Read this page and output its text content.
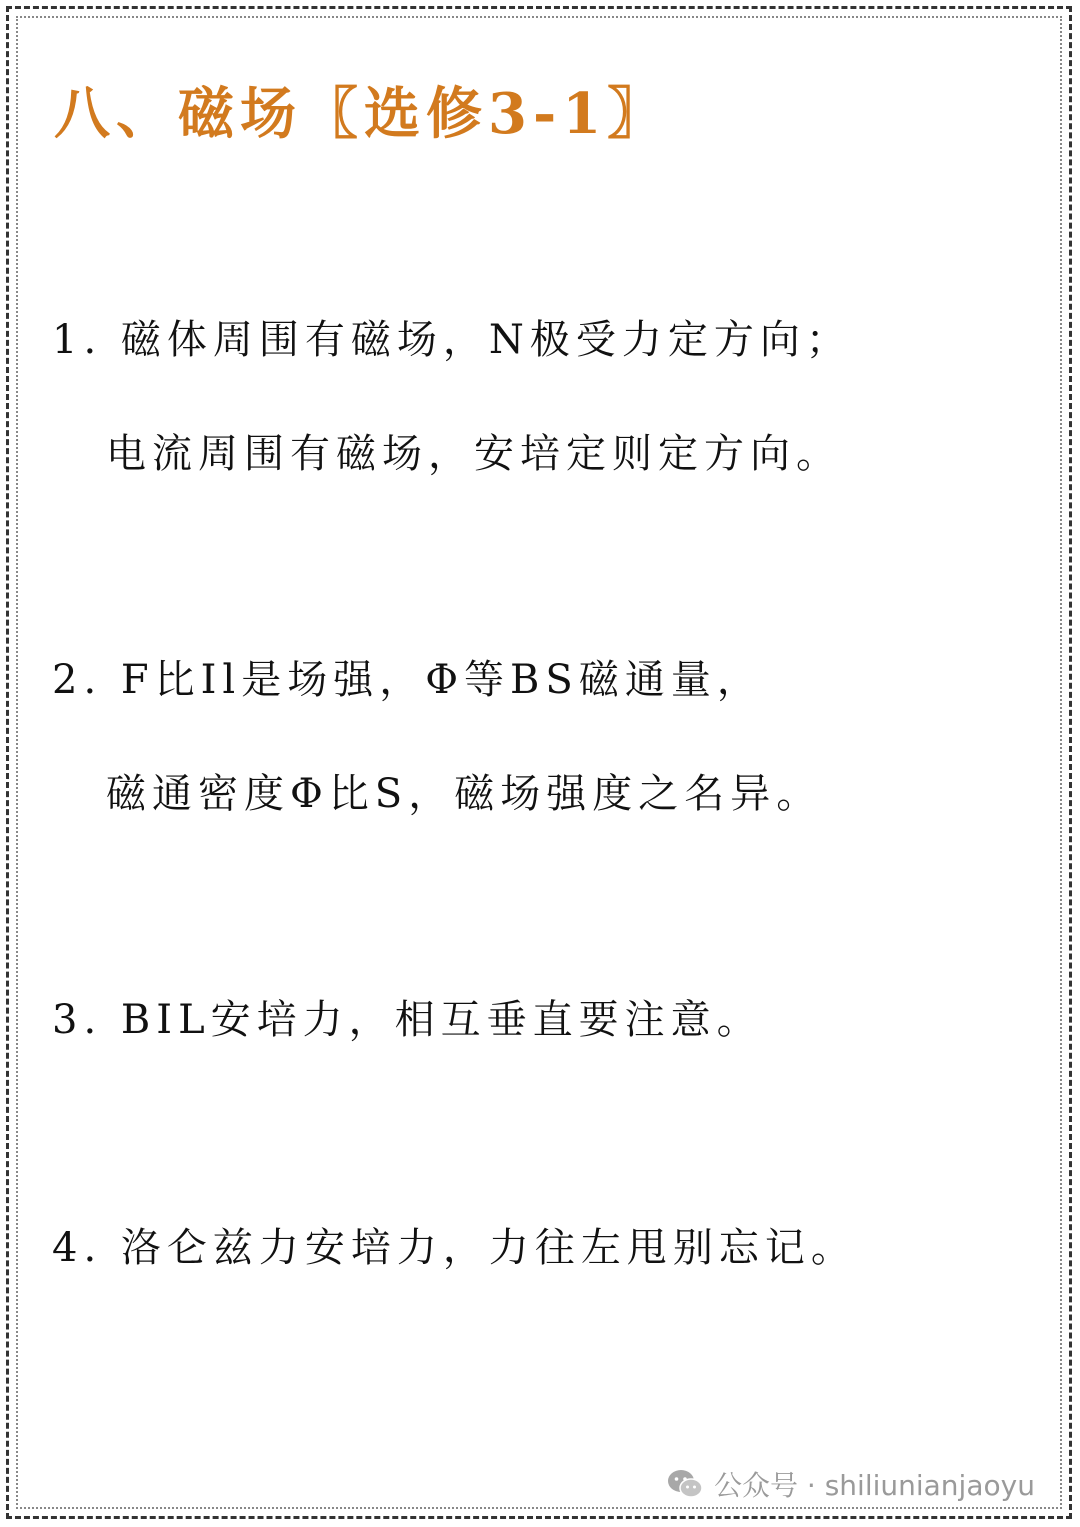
八、磁场〖选修3-1〗
1. 磁体周围有磁场，N极受力定方向；
电流周围有磁场，安培定则定方向。
2. F比Il是场强，Φ等BS磁通量，
磁通密度Φ比S，磁场强度之名异。
3. BIL安培力，相互垂直要注意。
4. 洛仑兹力安培力，力往左甩别忘记。
公众号 · shiliunianjaoyu
